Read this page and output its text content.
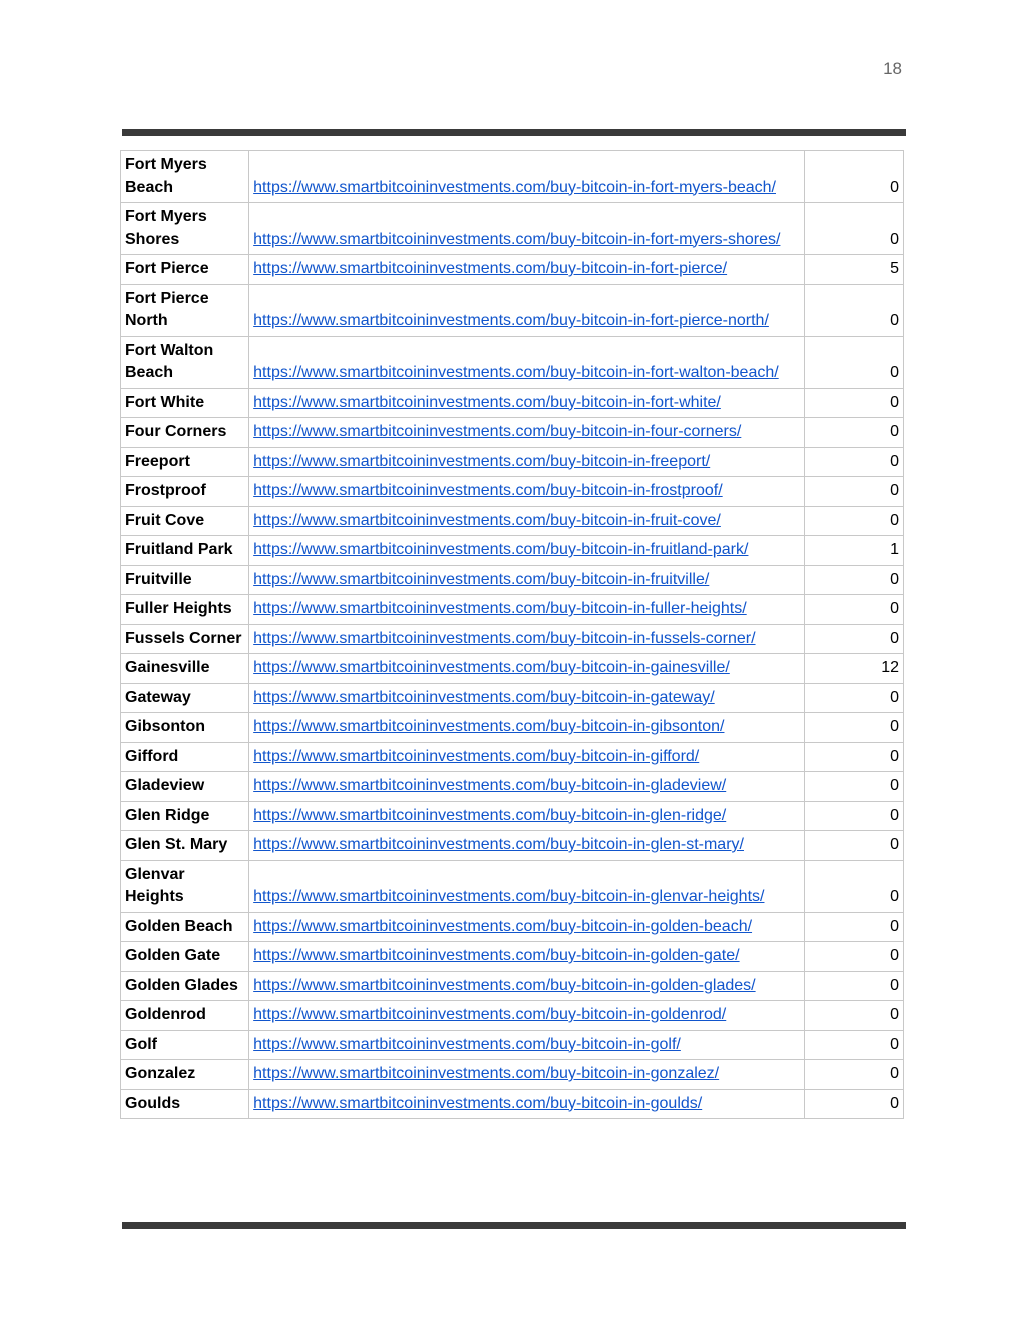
18
Fort Myers Beach	https://www.smartbitcoininvestments.com/buy-bitcoin-in-fort-myers-beach/	0
Fort Myers Shores	https://www.smartbitcoininvestments.com/buy-bitcoin-in-fort-myers-shores/	0
Fort Pierce	https://www.smartbitcoininvestments.com/buy-bitcoin-in-fort-pierce/	5
Fort Pierce North	https://www.smartbitcoininvestments.com/buy-bitcoin-in-fort-pierce-north/	0
Fort Walton Beach	https://www.smartbitcoininvestments.com/buy-bitcoin-in-fort-walton-beach/	0
Fort White	https://www.smartbitcoininvestments.com/buy-bitcoin-in-fort-white/	0
Four Corners	https://www.smartbitcoininvestments.com/buy-bitcoin-in-four-corners/	0
Freeport	https://www.smartbitcoininvestments.com/buy-bitcoin-in-freeport/	0
Frostproof	https://www.smartbitcoininvestments.com/buy-bitcoin-in-frostproof/	0
Fruit Cove	https://www.smartbitcoininvestments.com/buy-bitcoin-in-fruit-cove/	0
Fruitland Park	https://www.smartbitcoininvestments.com/buy-bitcoin-in-fruitland-park/	1
Fruitville	https://www.smartbitcoininvestments.com/buy-bitcoin-in-fruitville/	0
Fuller Heights	https://www.smartbitcoininvestments.com/buy-bitcoin-in-fuller-heights/	0
Fussels Corner	https://www.smartbitcoininvestments.com/buy-bitcoin-in-fussels-corner/	0
Gainesville	https://www.smartbitcoininvestments.com/buy-bitcoin-in-gainesville/	12
Gateway	https://www.smartbitcoininvestments.com/buy-bitcoin-in-gateway/	0
Gibsonton	https://www.smartbitcoininvestments.com/buy-bitcoin-in-gibsonton/	0
Gifford	https://www.smartbitcoininvestments.com/buy-bitcoin-in-gifford/	0
Gladeview	https://www.smartbitcoininvestments.com/buy-bitcoin-in-gladeview/	0
Glen Ridge	https://www.smartbitcoininvestments.com/buy-bitcoin-in-glen-ridge/	0
Glen St. Mary	https://www.smartbitcoininvestments.com/buy-bitcoin-in-glen-st-mary/	0
Glenvar Heights	https://www.smartbitcoininvestments.com/buy-bitcoin-in-glenvar-heights/	0
Golden Beach	https://www.smartbitcoininvestments.com/buy-bitcoin-in-golden-beach/	0
Golden Gate	https://www.smartbitcoininvestments.com/buy-bitcoin-in-golden-gate/	0
Golden Glades	https://www.smartbitcoininvestments.com/buy-bitcoin-in-golden-glades/	0
Goldenrod	https://www.smartbitcoininvestments.com/buy-bitcoin-in-goldenrod/	0
Golf	https://www.smartbitcoininvestments.com/buy-bitcoin-in-golf/	0
Gonzalez	https://www.smartbitcoininvestments.com/buy-bitcoin-in-gonzalez/	0
Goulds	https://www.smartbitcoininvestments.com/buy-bitcoin-in-goulds/	0
